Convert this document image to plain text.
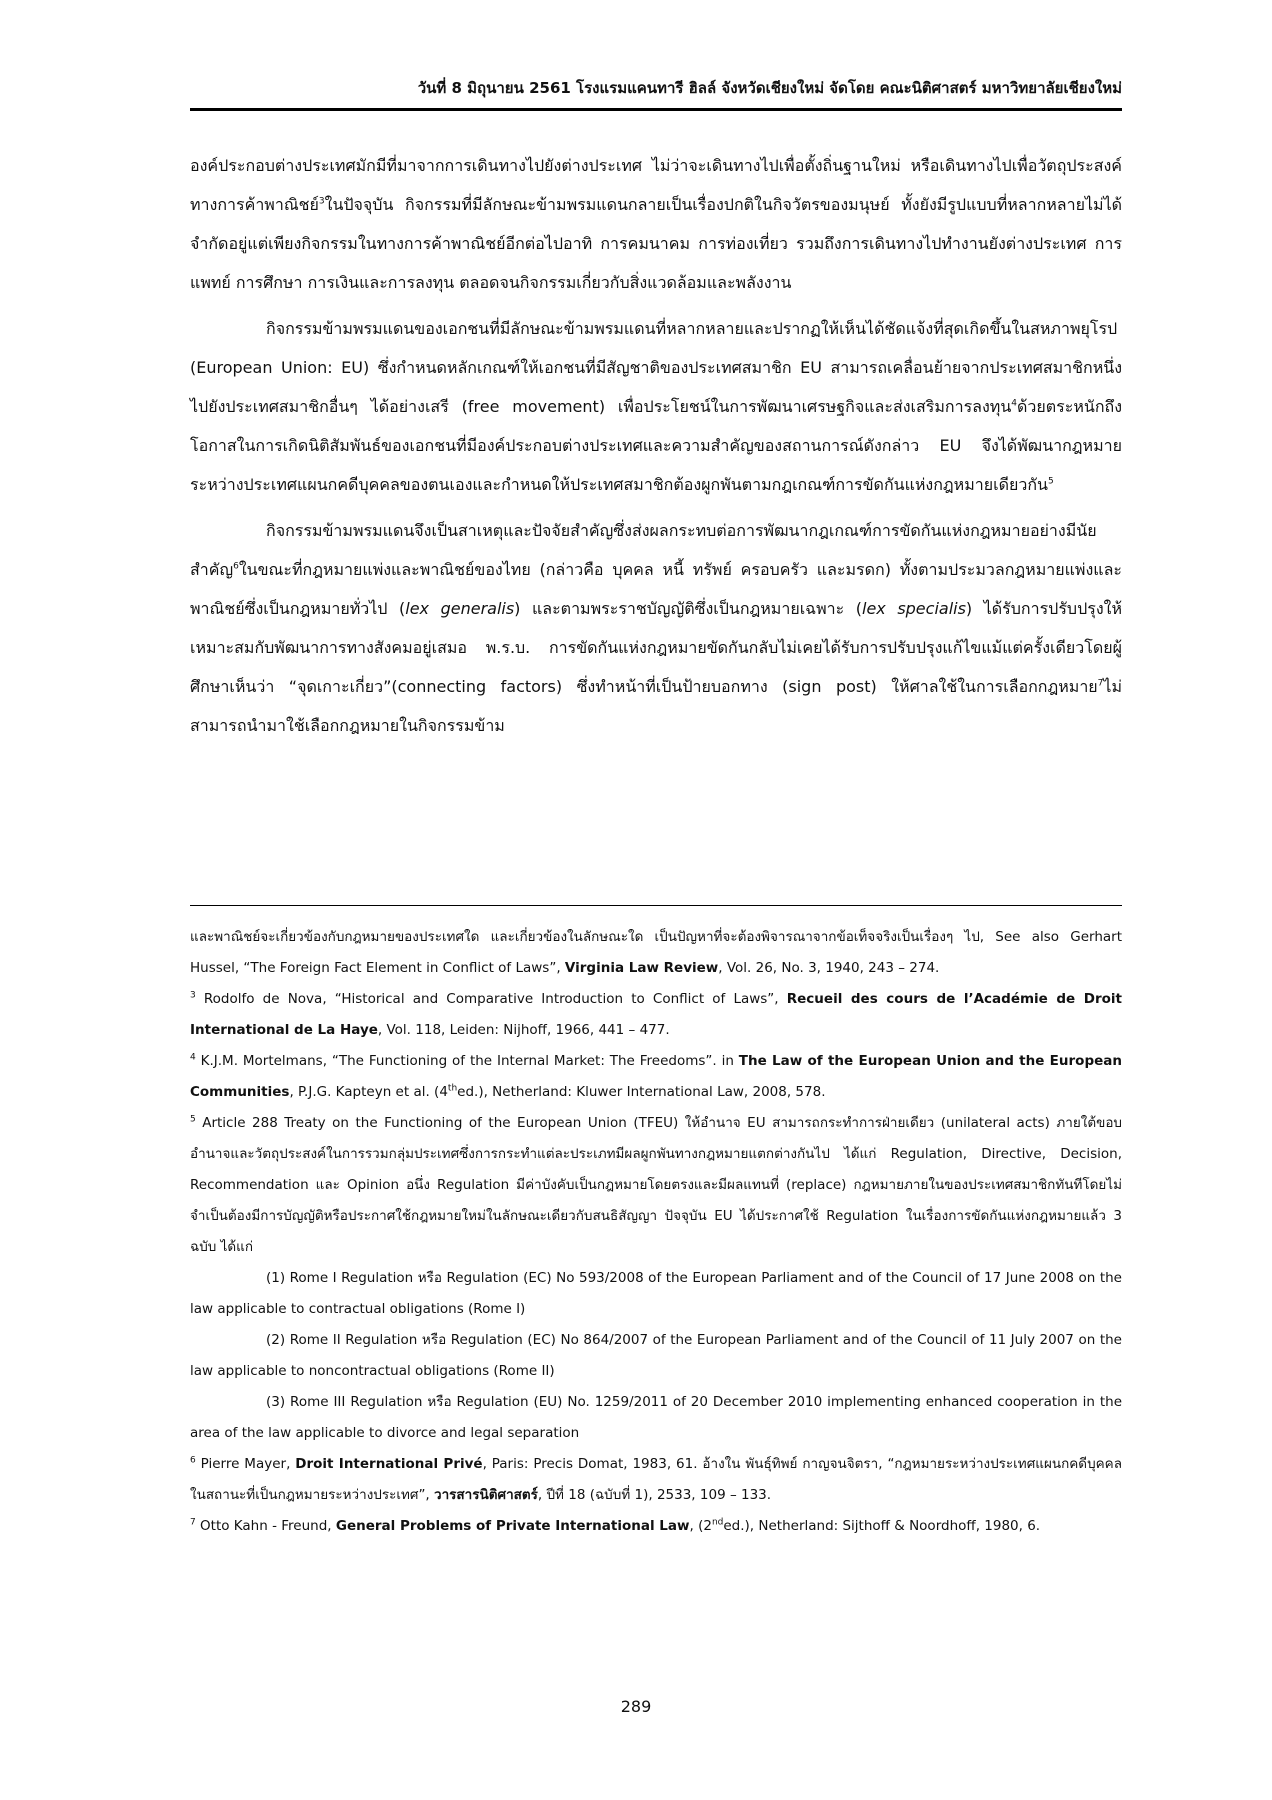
วันที่ 8 มิถุนายน 2561 โรงแรมแคนทารี ฮิลล์ จังหวัดเชียงใหม่ จัดโดย คณะนิติศาสตร์ มหาวิทยาลัยเชียงใหม่

องค์ประกอบต่างประเทศมักมีที่มาจากการเดินทางไปยังต่างประเทศ ไม่ว่าจะเดินทางไปเพื่อตั้งถิ่นฐานใหม่ หรือเดินทางไปเพื่อวัตถุประสงค์ทางการค้าพาณิชย์$^3$ในปัจจุบัน กิจกรรมที่มีลักษณะข้ามพรมแดนกลายเป็นเรื่องปกติในกิจวัตรของมนุษย์ ทั้งยังมีรูปแบบที่หลากหลายไม่ได้จำกัดอยู่แต่เพียงกิจกรรมในทางการค้าพาณิชย์อีกต่อไปอาทิ การคมนาคม การท่องเที่ยว รวมถึงการเดินทางไปทำงานยังต่างประเทศ การแพทย์ การศึกษา การเงินและการลงทุน ตลอดจนกิจกรรมเกี่ยวกับสิ่งแวดล้อมและพลังงาน

กิจกรรมข้ามพรมแดนของเอกชนที่มีลักษณะข้ามพรมแดนที่หลากหลายและปรากฏให้เห็นได้ชัดแจ้งที่สุดเกิดขึ้นในสหภาพยุโรป (European Union: EU) ซึ่งกำหนดหลักเกณฑ์ให้เอกชนที่มีสัญชาติของประเทศสมาชิก EU สามารถเคลื่อนย้ายจากประเทศสมาชิกหนึ่งไปยังประเทศสมาชิกอื่นๆ ได้อย่างเสรี (free movement) เพื่อประโยชน์ในการพัฒนาเศรษฐกิจและส่งเสริมการลงทุน$^4$ด้วยตระหนักถึงโอกาสในการเกิดนิติสัมพันธ์ของเอกชนที่มีองค์ประกอบต่างประเทศและความสำคัญของสถานการณ์ดังกล่าว EU จึงได้พัฒนากฎหมายระหว่างประเทศแผนกคดีบุคคลของตนเองและกำหนดให้ประเทศสมาชิกต้องผูกพันตามกฎเกณฑ์การขัดกันแห่งกฎหมายเดียวกัน$^5$

กิจกรรมข้ามพรมแดนจึงเป็นสาเหตุและปัจจัยสำคัญซึ่งส่งผลกระทบต่อการพัฒนากฎเกณฑ์การขัดกันแห่งกฎหมายอย่างมีนัยสำคัญ$^6$ในขณะที่กฎหมายแพ่งและพาณิชย์ของไทย (กล่าวคือ บุคคล หนี้ ทรัพย์ ครอบครัว และมรดก) ทั้งตามประมวลกฎหมายแพ่งและพาณิชย์ซึ่งเป็นกฎหมายทั่วไป (lex generalis) และตามพระราชบัญญัติซึ่งเป็นกฎหมายเฉพาะ (lex specialis) ได้รับการปรับปรุงให้เหมาะสมกับพัฒนาการทางสังคมอยู่เสมอ พ.ร.บ. การขัดกันแห่งกฎหมายขัดกันกลับไม่เคยได้รับการปรับปรุงแก้ไขแม้แต่ครั้งเดียวโดยผู้ศึกษาเห็นว่า “จุดเกาะเกี่ยว”(connecting factors) ซึ่งทำหน้าที่เป็นป้ายบอกทาง (sign post) ให้ศาลใช้ในการเลือกกฎหมาย$^7$ไม่สามารถนำมาใช้เลือกกฎหมายในกิจกรรมข้าม

และพาณิชย์จะเกี่ยวข้องกับกฎหมายของประเทศใด และเกี่ยวข้องในลักษณะใด เป็นปัญหาที่จะต้องพิจารณาจากข้อเท็จจริงเป็นเรื่องๆ ไป, See also Gerhart Hussel, “The Foreign Fact Element in Conflict of Laws”, Virginia Law Review, Vol. 26, No. 3, 1940, 243 – 274.

$^3$ Rodolfo de Nova, “Historical and Comparative Introduction to Conflict of Laws”, Recueil des cours de l’Académie de Droit International de La Haye, Vol. 118, Leiden: Nijhoff, 1966, 441 – 477.

$^4$ K.J.M. Mortelmans, “The Functioning of the Internal Market: The Freedoms”. in The Law of the European Union and the European Communities, P.J.G. Kapteyn et al. (4thed.), Netherland: Kluwer International Law, 2008, 578.

$^5$ Article 288 Treaty on the Functioning of the European Union (TFEU) ให้อำนาจ EU สามารถกระทำการฝ่ายเดียว (unilateral acts) ภายใต้ขอบอำนาจและวัตถุประสงค์ในการรวมกลุ่มประเทศซึ่งการกระทำแต่ละประเภทมีผลผูกพันทางกฎหมายแตกต่างกันไป ได้แก่ Regulation, Directive, Decision, Recommendation และ Opinion อนึ่ง Regulation มีค่าบังคับเป็นกฎหมายโดยตรงและมีผลแทนที่ (replace) กฎหมายภายในของประเทศสมาชิกทันทีโดยไม่จำเป็นต้องมีการบัญญัติหรือประกาศใช้กฎหมายใหม่ในลักษณะเดียวกับสนธิสัญญา ปัจจุบัน EU ได้ประกาศใช้ Regulation ในเรื่องการขัดกันแห่งกฎหมายแล้ว 3 ฉบับ ได้แก่

(1) Rome I Regulation หรือ Regulation (EC) No 593/2008 of the European Parliament and of the Council of 17 June 2008 on the law applicable to contractual obligations (Rome I)

(2) Rome II Regulation หรือ Regulation (EC) No 864/2007 of the European Parliament and of the Council of 11 July 2007 on the law applicable to noncontractual obligations (Rome II)

(3) Rome III Regulation หรือ Regulation (EU) No. 1259/2011 of 20 December 2010 implementing enhanced cooperation in the area of the law applicable to divorce and legal separation

$^6$ Pierre Mayer, Droit International Privé, Paris: Precis Domat, 1983, 61. อ้างใน พันธุ์ทิพย์ กาญจนจิตรา, “กฎหมายระหว่างประเทศแผนกคดีบุคคลในสถานะที่เป็นกฎหมายระหว่างประเทศ”, วารสารนิติศาสตร์, ปีที่ 18 (ฉบับที่ 1), 2533, 109 – 133.

$^7$ Otto Kahn - Freund, General Problems of Private International Law, (2nded.), Netherland: Sijthoff & Noordhoff, 1980, 6.

289
